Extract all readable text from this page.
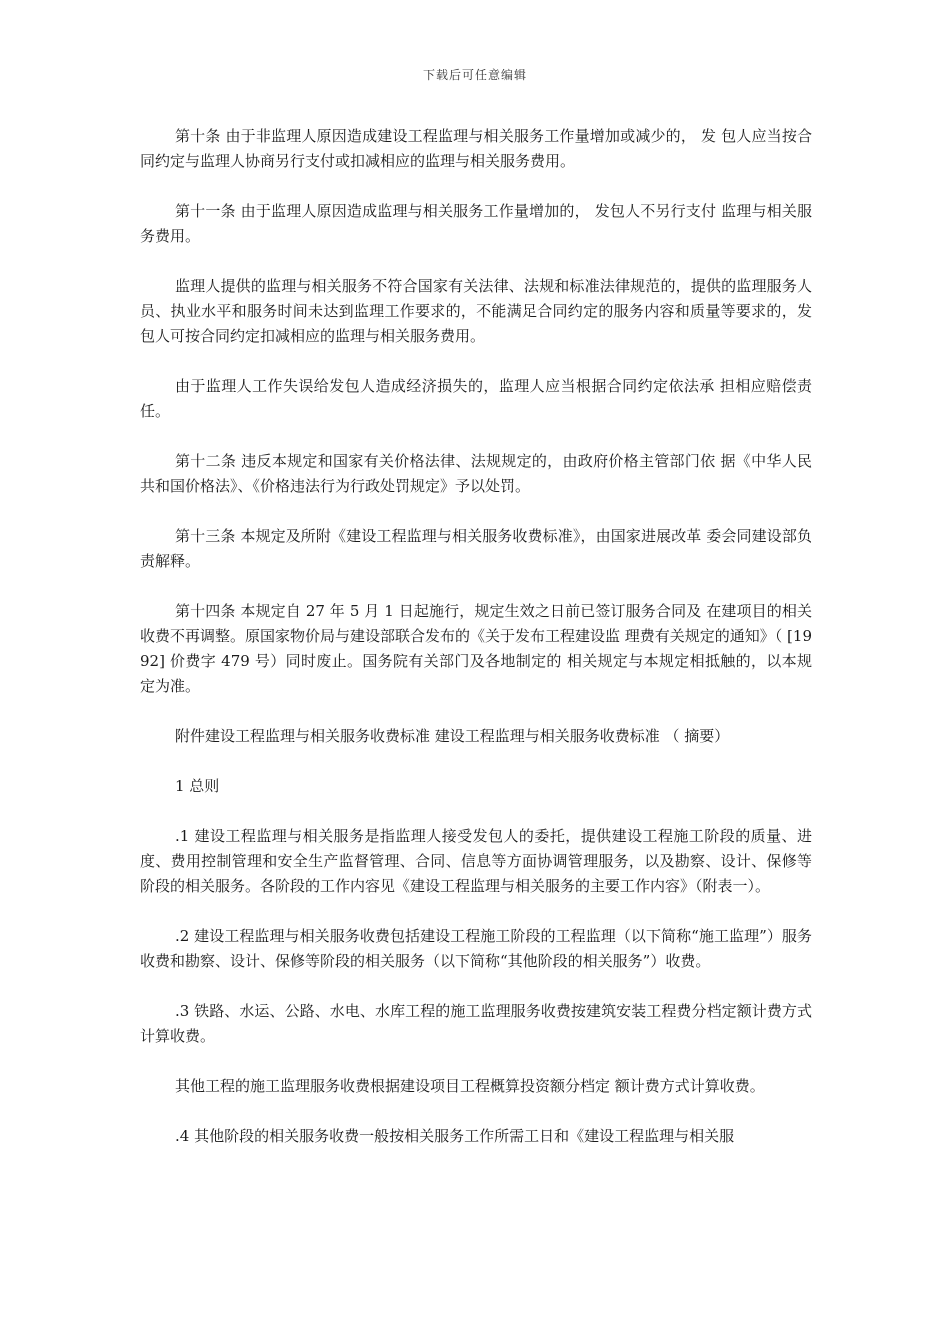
下载后可任意编辑

第十条 由于非监理人原因造成建设工程监理与相关服务工作量增加或减少的， 发 包人应当按合同约定与监理人协商另行支付或扣减相应的监理与相关服务费用。

第十一条 由于监理人原因造成监理与相关服务工作量增加的， 发包人不另行支付 监理与相关服务费用。

监理人提供的监理与相关服务不符合国家有关法律、法规和标准法律规范的，提供的监理服务人员、执业水平和服务时间未达到监理工作要求的，不能满足合同约定的服务内容和质量等要求的，发包人可按合同约定扣减相应的监理与相关服务费用。

由于监理人工作失误给发包人造成经济损失的，监理人应当根据合同约定依法承 担相应赔偿责任。

第十二条 违反本规定和国家有关价格法律、法规规定的，由政府价格主管部门依 据《中华人民共和国价格法》、《价格违法行为行政处罚规定》予以处罚。

第十三条 本规定及所附《建设工程监理与相关服务收费标准》，由国家进展改革 委会同建设部负责解释。

第十四条 本规定自 27 年 5 月 1 日起施行，规定生效之日前已签订服务合同及 在建项目的相关收费不再调整。原国家物价局与建设部联合发布的《关于发布工程建设监 理费有关规定的通知》（ [1992] 价费字 479 号）同时废止。国务院有关部门及各地制定的 相关规定与本规定相抵触的，以本规定为准。

附件建设工程监理与相关服务收费标准 建设工程监理与相关服务收费标准 （ 摘要）

1 总则

.1 建设工程监理与相关服务是指监理人接受发包人的委托，提供建设工程施工阶段的质量、进度、费用控制管理和安全生产监督管理、合同、信息等方面协调管理服务，以及勘察、设计、保修等阶段的相关服务。各阶段的工作内容见《建设工程监理与相关服务的主要工作内容》（附表一）。

.2 建设工程监理与相关服务收费包括建设工程施工阶段的工程监理（以下简称“施工监理”）服务收费和勘察、设计、保修等阶段的相关服务（以下简称“其他阶段的相关服务”）收费。

.3 铁路、水运、公路、水电、水库工程的施工监理服务收费按建筑安装工程费分档定额计费方式计算收费。

其他工程的施工监理服务收费根据建设项目工程概算投资额分档定 额计费方式计算收费。

.4 其他阶段的相关服务收费一般按相关服务工作所需工日和《建设工程监理与相关服
